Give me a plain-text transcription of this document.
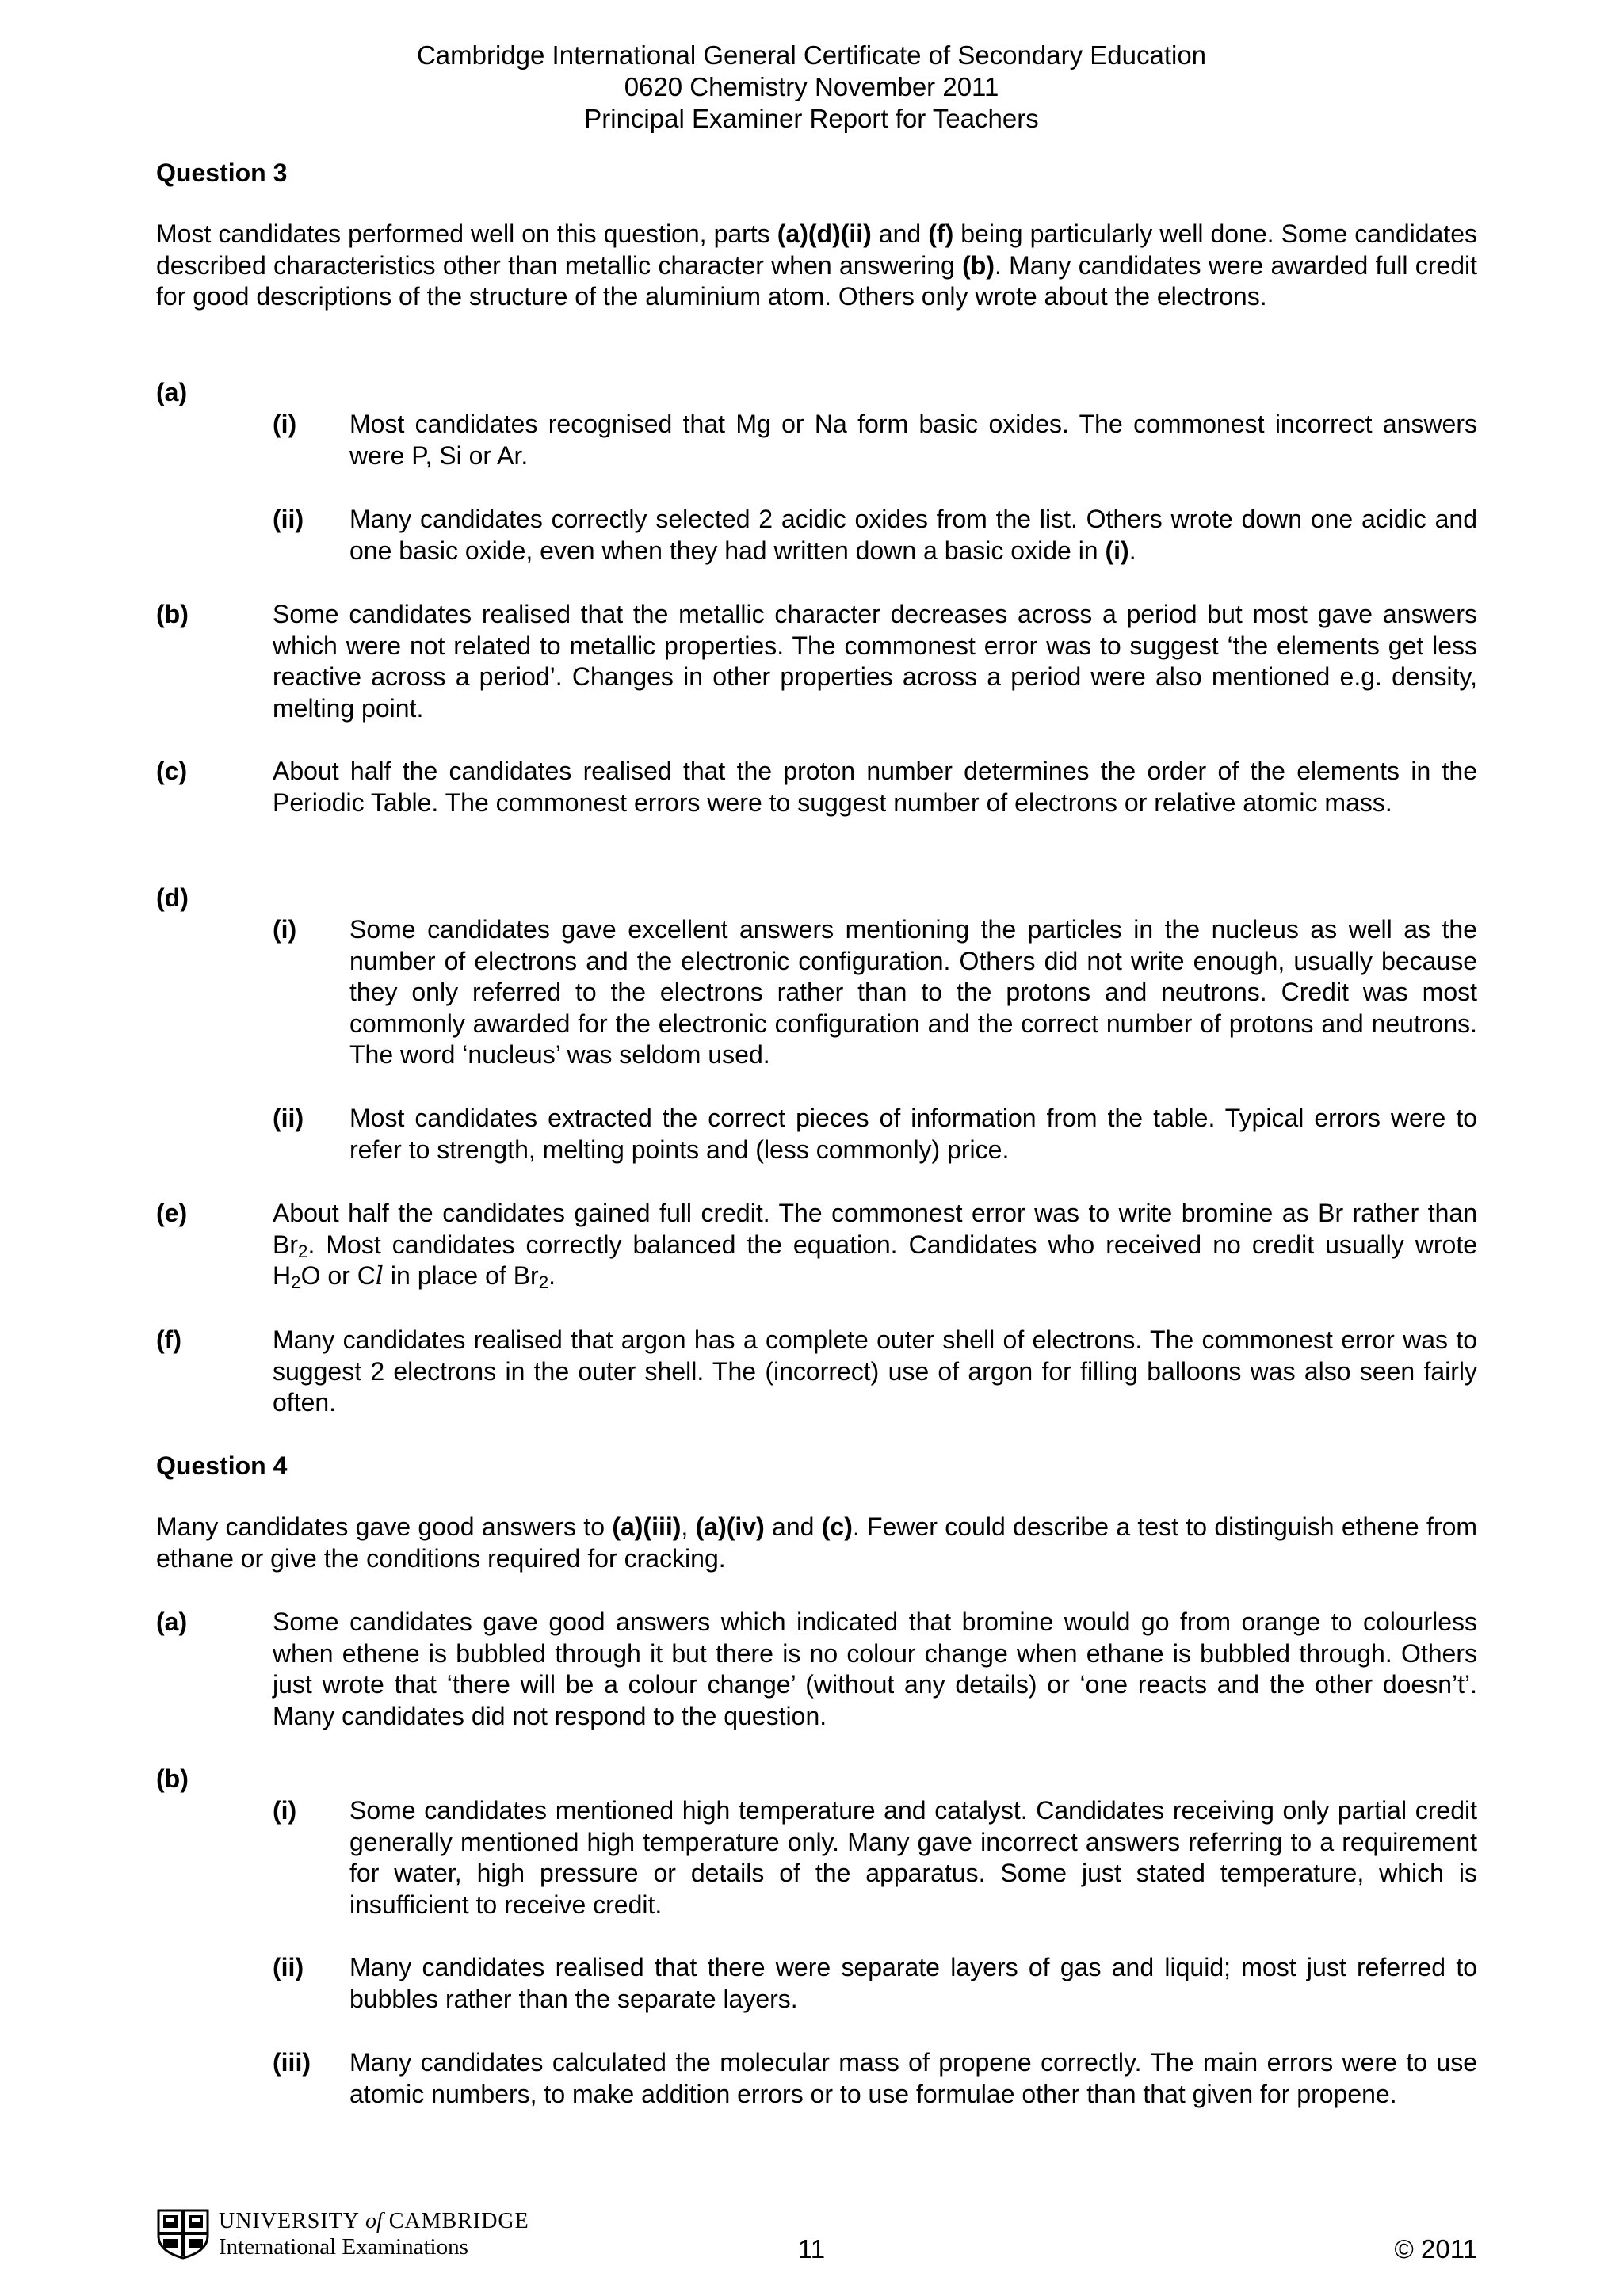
Cambridge International General Certificate of Secondary Education
0620 Chemistry November 2011
Principal Examiner Report for Teachers
Question 3

Most candidates performed well on this question, parts (a)(d)(ii) and (f) being particularly well done. Some candidates described characteristics other than metallic character when answering (b). Many candidates were awarded full credit for good descriptions of the structure of the aluminium atom. Others only wrote about the electrons.

(a)
(i) Most candidates recognised that Mg or Na form basic oxides. The commonest incorrect answers were P, Si or Ar.

(ii) Many candidates correctly selected 2 acidic oxides from the list. Others wrote down one acidic and one basic oxide, even when they had written down a basic oxide in (i).

(b)	Some candidates realised that the metallic character decreases across a period but most gave answers which were not related to metallic properties. The commonest error was to suggest ‘the elements get less reactive across a period’. Changes in other properties across a period were also mentioned e.g. density, melting point.

(c)	About half the candidates realised that the proton number determines the order of the elements in the Periodic Table. The commonest errors were to suggest number of electrons or relative atomic mass.

(d)
(i) Some candidates gave excellent answers mentioning the particles in the nucleus as well as the number of electrons and the electronic configuration. Others did not write enough, usually because they only referred to the electrons rather than to the protons and neutrons. Credit was most commonly awarded for the electronic configuration and the correct number of protons and neutrons. The word ‘nucleus’ was seldom used.

(ii) Most candidates extracted the correct pieces of information from the table. Typical errors were to refer to strength, melting points and (less commonly) price.

(e)	About half the candidates gained full credit. The commonest error was to write bromine as Br rather than $Br_2$. Most candidates correctly balanced the equation. Candidates who received no credit usually wrote $H_2O$ or Cl in place of $Br_2$.

(f)	Many candidates realised that argon has a complete outer shell of electrons. The commonest error was to suggest 2 electrons in the outer shell. The (incorrect) use of argon for filling balloons was also seen fairly often.

Question 4

Many candidates gave good answers to (a)(iii), (a)(iv) and (c). Fewer could describe a test to distinguish ethene from ethane or give the conditions required for cracking.

(a)	Some candidates gave good answers which indicated that bromine would go from orange to colourless when ethene is bubbled through it but there is no colour change when ethane is bubbled through. Others just wrote that ‘there will be a colour change’ (without any details) or ‘one reacts and the other doesn’t’. Many candidates did not respond to the question.

(b)
(i) Some candidates mentioned high temperature and catalyst. Candidates receiving only partial credit generally mentioned high temperature only. Many gave incorrect answers referring to a requirement for water, high pressure or details of the apparatus. Some just stated temperature, which is insufficient to receive credit.

(ii) Many candidates realised that there were separate layers of gas and liquid; most just referred to bubbles rather than the separate layers.

(iii) Many candidates calculated the molecular mass of propene correctly. The main errors were to use atomic numbers, to make addition errors or to use formulae other than that given for propene.

UNIVERSITY of CAMBRIDGE
International Examinations	11	© 2011
